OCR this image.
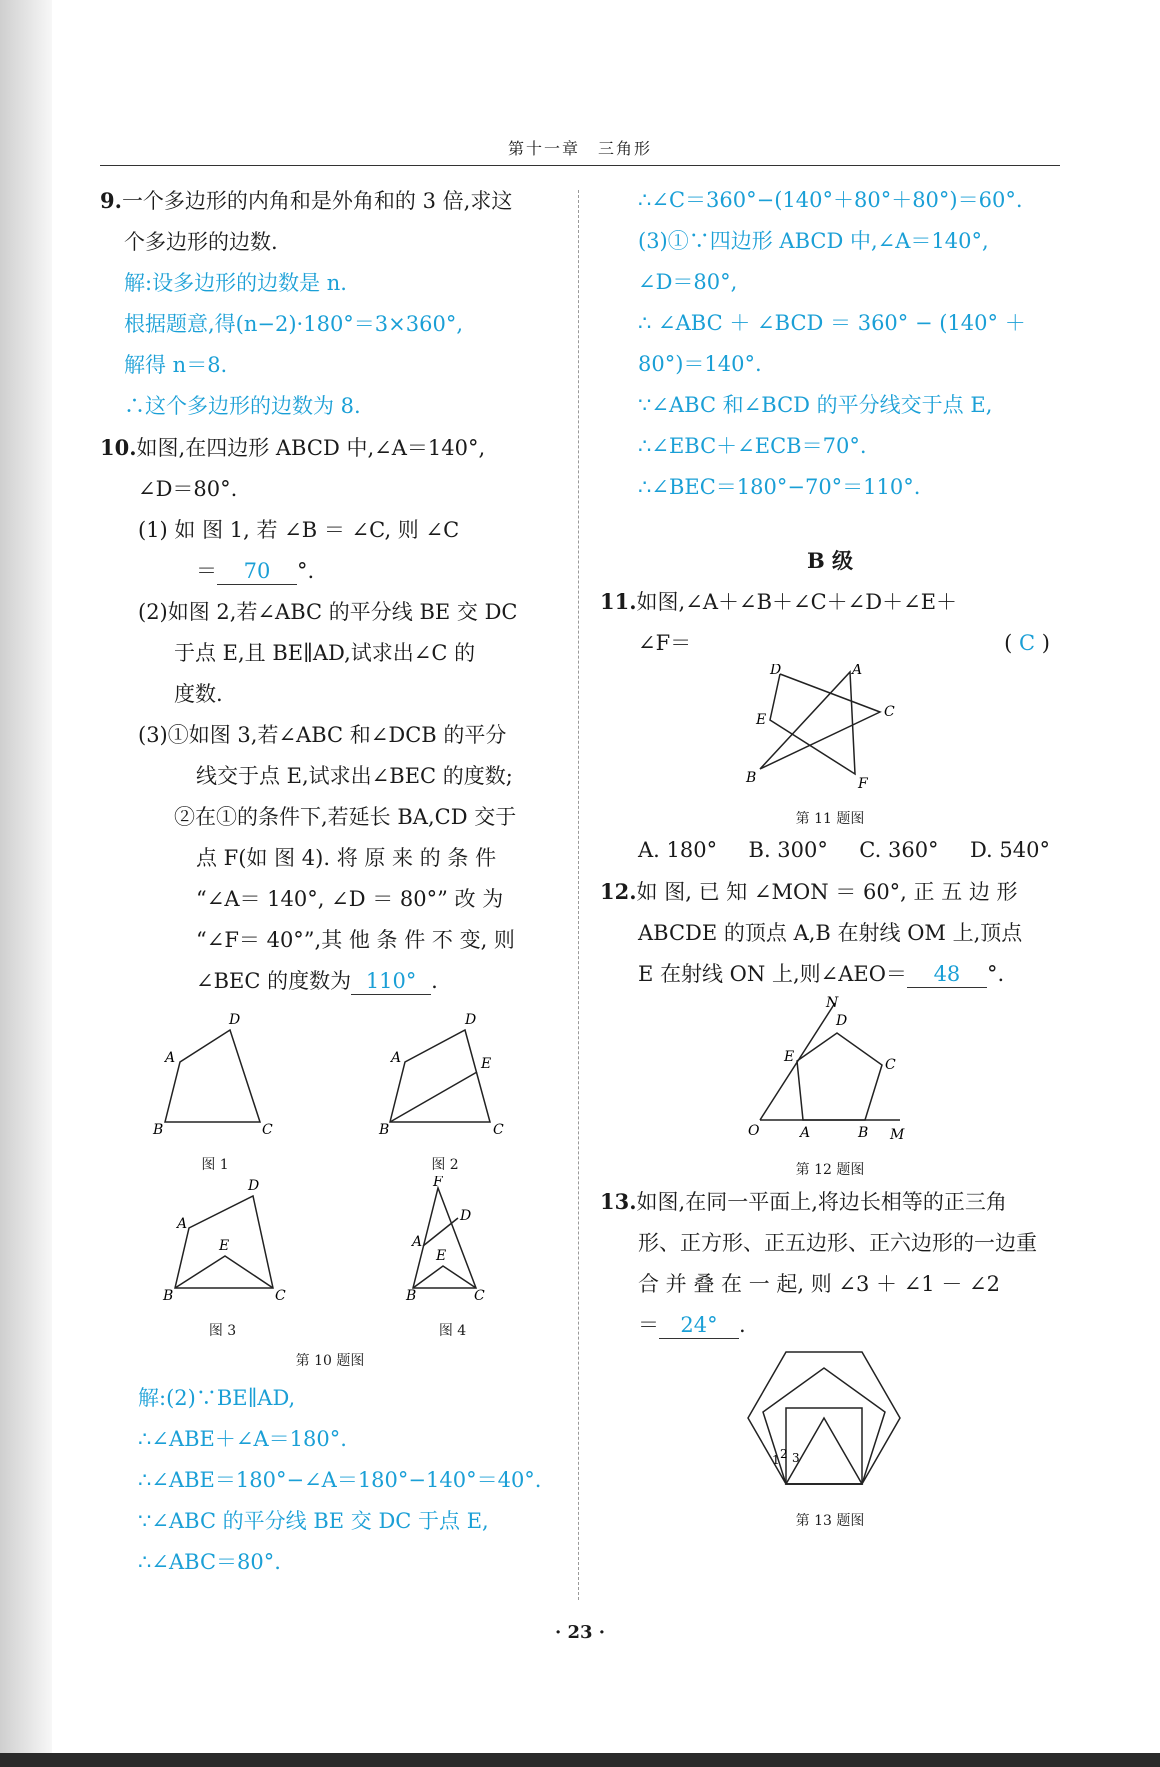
第十一章　三角形
9.一个多边形的内角和是外角和的 3 倍,求这
个多边形的边数.
解:设多边形的边数是 n.
根据题意,得(n−2)·180°＝3×360°,
解得 n＝8.
∴这个多边形的边数为 8.
10.如图,在四边形 ABCD 中,∠A＝140°,
∠D＝80°.
(1) 如 图 1, 若 ∠B ＝ ∠C, 则 ∠C
＝ 70 °.
(2)如图 2,若∠ABC 的平分线 BE 交 DC
于点 E,且 BE∥AD,试求出∠C 的
度数.
(3)①如图 3,若∠ABC 和∠DCB 的平分
线交于点 E,试求出∠BEC 的度数;
②在①的条件下,若延长 BA,CD 交于
点 F(如 图 4). 将 原 来 的 条 件
“∠A＝ 140°, ∠D ＝ 80°” 改 为
“∠F＝ 40°”,其 他 条 件 不 变, 则
∠BEC 的度数为 110° .
B
A
D
C
图 1
B
A
D
E
C
图 2
B
A
D
E
C
图 3
F
D
A
E
B	C
图 4
第 10 题图
解:(2)∵BE∥AD,
∴∠ABE＋∠A＝180°.
∴∠ABE＝180°−∠A＝180°−140°＝40°.
∵∠ABC 的平分线 BE 交 DC 于点 E,
∴∠ABC＝80°.
∴∠C＝360°−(140°＋80°＋80°)＝60°.
(3)①∵四边形 ABCD 中,∠A＝140°,
∠D＝80°,
∴ ∠ABC ＋ ∠BCD ＝ 360° − (140° ＋
80°)＝140°.
∵∠ABC 和∠BCD 的平分线交于点 E,
∴∠EBC＋∠ECB＝70°.
∴∠BEC＝180°−70°＝110°.
B 级
11.如图,∠A＋∠B＋∠C＋∠D＋∠E＋
∠F＝	( C )
D	A
C
E
B	F
第 11 题图
A. 180° B. 300° C. 360° D. 540°
12.如 图, 已 知 ∠MON ＝ 60°, 正 五 边 形
ABCDE 的顶点 A,B 在射线 OM 上,顶点
E 在射线 ON 上,则∠AEO＝ 48 °.
N
D
C
E
O	A	B M
第 12 题图
13.如图,在同一平面上,将边长相等的正三角
形、正方形、正五边形、正六边形的一边重
合 并 叠 在 一 起, 则 ∠3 ＋ ∠1 － ∠2
＝ 24° .
1 2 3
第 13 题图
· 23 ·
